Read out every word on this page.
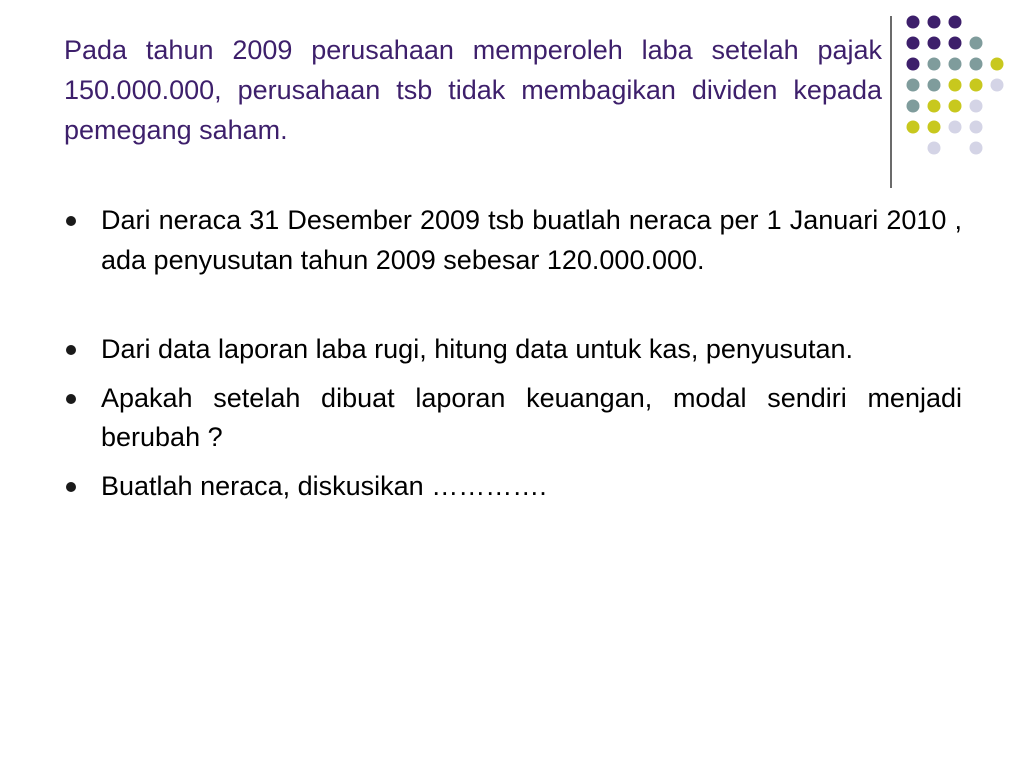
Pada tahun 2009 perusahaan memperoleh laba setelah pajak 150.000.000, perusahaan tsb tidak membagikan dividen kepada pemegang saham.
Dari neraca 31 Desember 2009 tsb buatlah neraca per 1 Januari 2010 , ada penyusutan tahun 2009 sebesar 120.000.000.
Dari data laporan laba rugi, hitung data untuk kas, penyusutan.
Apakah setelah dibuat laporan keuangan, modal sendiri menjadi berubah ?
Buatlah neraca, diskusikan ………….
